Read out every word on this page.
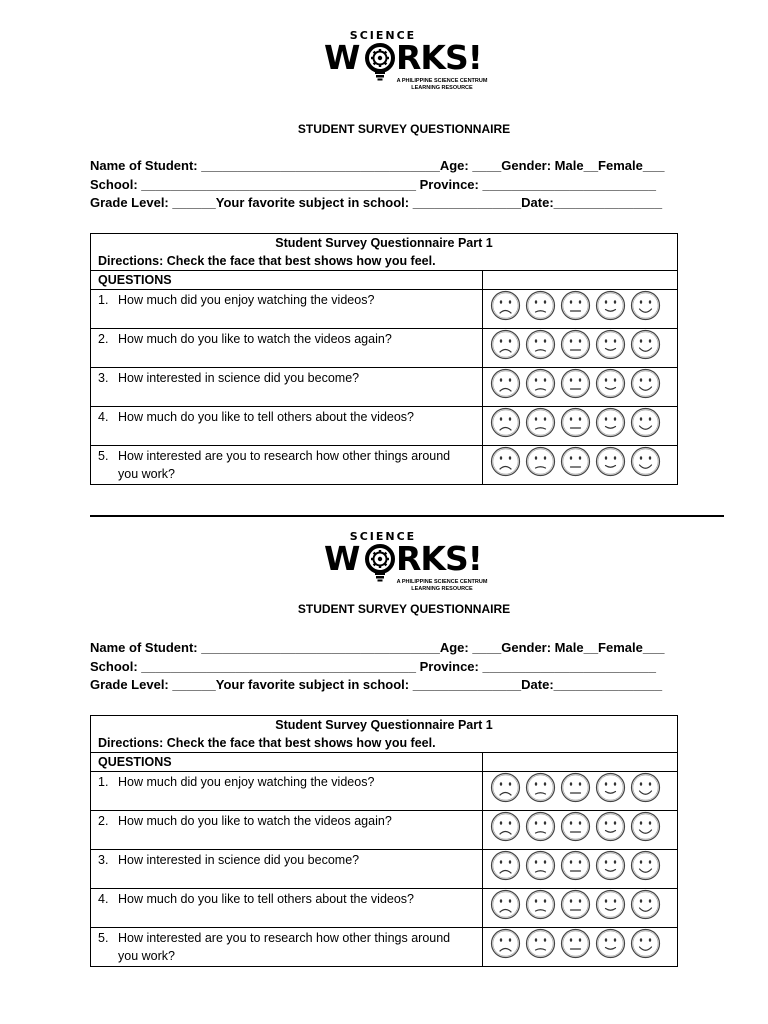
SCIENCE
W RKS!
A PHILIPPINE SCIENCE CENTRUM
LEARNING RESOURCE
STUDENT SURVEY QUESTIONNAIRE
Name of Student: _________________________________Age: ____Gender: Male__Female___
School: ______________________________________ Province: ________________________
Grade Level: ______Your favorite subject in school: _______________Date:_______________
Student Survey Questionnaire Part 1
Directions: Check the face that best shows how you feel.	

QUESTIONS	
1. How much did you enjoy watching the videos?	

2. How much do you like to watch the videos again?	

3. How interested in science did you become?	

4. How much do you like to tell others about the videos?	

5. How interested are you to research how other things around you work?	
SCIENCE
W RKS!
A PHILIPPINE SCIENCE CENTRUM
LEARNING RESOURCE
STUDENT SURVEY QUESTIONNAIRE
Name of Student: _________________________________Age: ____Gender: Male__Female___
School: ______________________________________ Province: ________________________
Grade Level: ______Your favorite subject in school: _______________Date:_______________
Student Survey Questionnaire Part 1
Directions: Check the face that best shows how you feel.	

QUESTIONS	
1. How much did you enjoy watching the videos?	

2. How much do you like to watch the videos again?	

3. How interested in science did you become?	

4. How much do you like to tell others about the videos?	

5. How interested are you to research how other things around you work?	
